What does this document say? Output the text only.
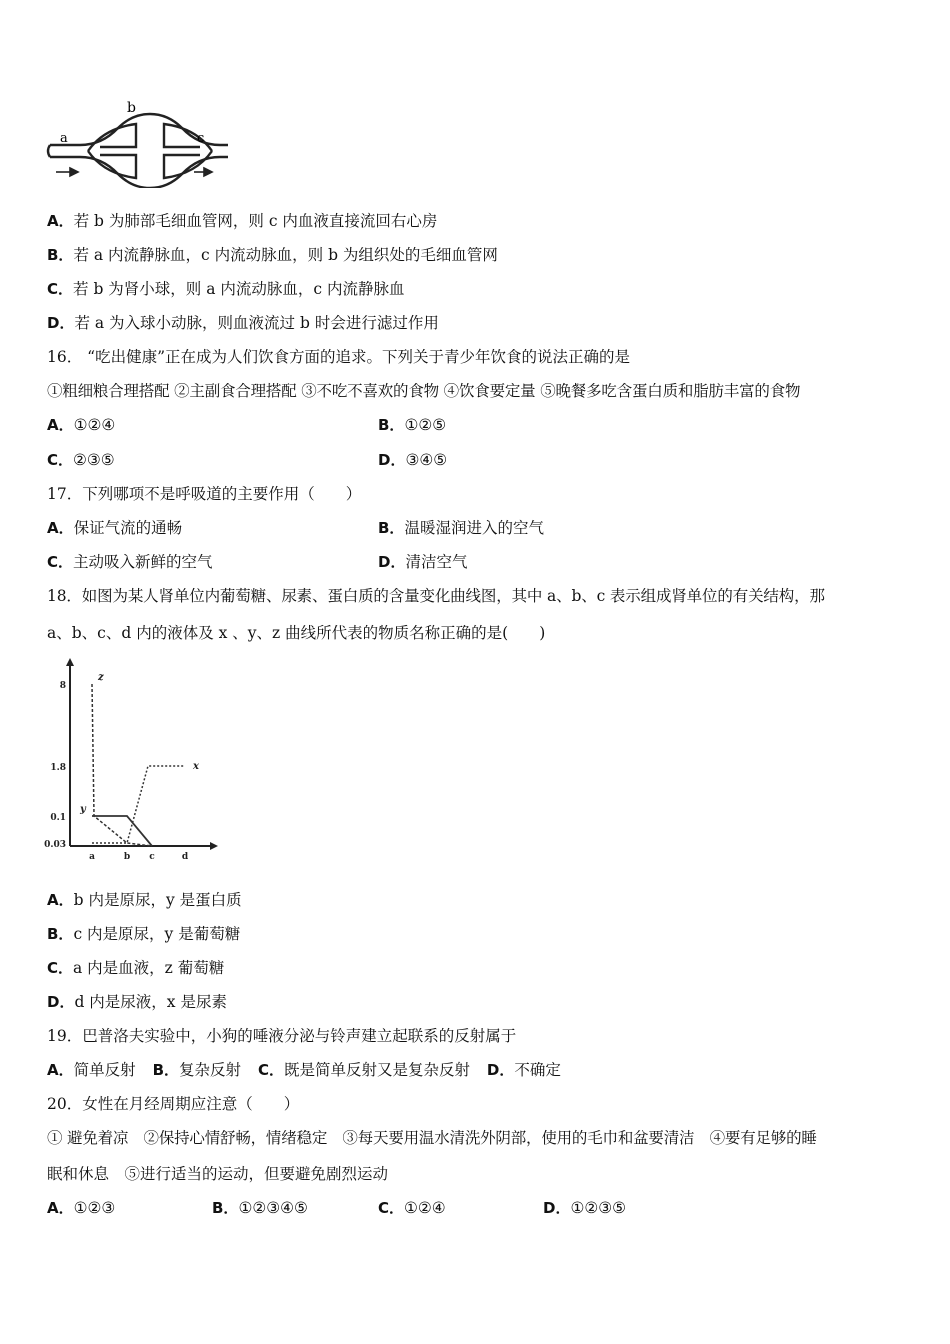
a
b
c
A．若 b 为肺部毛细血管网，则 c 内血液直接流回右心房
B．若 a 内流静脉血，c 内流动脉血，则 b 为组织处的毛细血管网
C．若 b 为肾小球，则 a 内流动脉血，c 内流静脉血
D．若 a 为入球小动脉，则血液流过 b 时会进行滤过作用
16． “吃出健康”正在成为人们饮食方面的追求。下列关于青少年饮食的说法正确的是
①粗细粮合理搭配 ②主副食合理搭配 ③不吃不喜欢的食物 ④饮食要定量 ⑤晚餐多吃含蛋白质和脂肪丰富的食物
A．①②④	B．①②⑤
C．②③⑤	D．③④⑤
17．下列哪项不是呼吸道的主要作用（　　）
A．保证气流的通畅	B．温暖湿润进入的空气
C．主动吸入新鲜的空气	D．清洁空气
18．如图为某人肾单位内葡萄糖、尿素、蛋白质的含量变化曲线图，其中 a、b、c 表示组成肾单位的有关结构，那
a、b、c、d 内的液体及 x 、y、z 曲线所代表的物质名称正确的是(　　)
8
1.8
0.1
0.03
a	b c	d
z
y
x
A．b 内是原尿，y 是蛋白质
B．c 内是原尿，y 是葡萄糖
C．a 内是血液，z 葡萄糖
D．d 内是尿液，x 是尿素
19．巴普洛夫实验中，小狗的唾液分泌与铃声建立起联系的反射属于
A．简单反射 B．复杂反射 C．既是简单反射又是复杂反射 D．不确定
20．女性在月经周期应注意（　　）
① 避免着凉　②保持心情舒畅，情绪稳定　③每天要用温水清洗外阴部，使用的毛巾和盆要清洁　④要有足够的睡
眠和休息　⑤进行适当的运动，但要避免剧烈运动
A．①②③	B．①②③④⑤	C．①②④	D．①②③⑤
